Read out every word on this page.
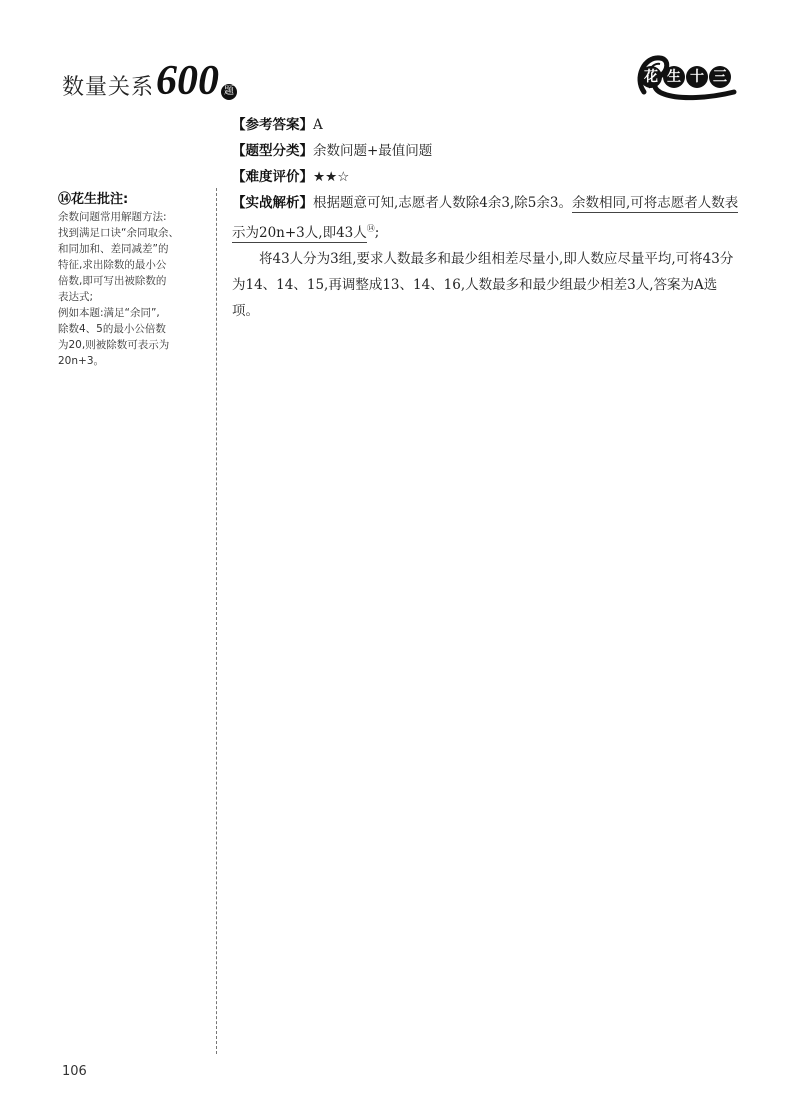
数量关系 600 题
花 生 十 三
⑭花生批注:

余数问题常用解题方法:
找到满足口诀“余同取余、
和同加和、差同减差”的
特征,求出除数的最小公
倍数,即可写出被除数的
表达式;
例如本题:满足“余同”,
除数4、5的最小公倍数
为20,则被除数可表示为
20n+3。

【参考答案】A
【题型分类】余数问题+最值问题
【难度评价】★★☆

【实战解析】根据题意可知,志愿者人数除4余3,除5余3。余数相同,可将志愿者人数表示为20n+3人,即43人⑭;

将43人分为3组,要求人数最多和最少组相差尽量小,即人数应尽量平均,可将43分为14、14、15,再调整成13、14、16,人数最多和最少组最少相差3人,答案为A选项。

106
